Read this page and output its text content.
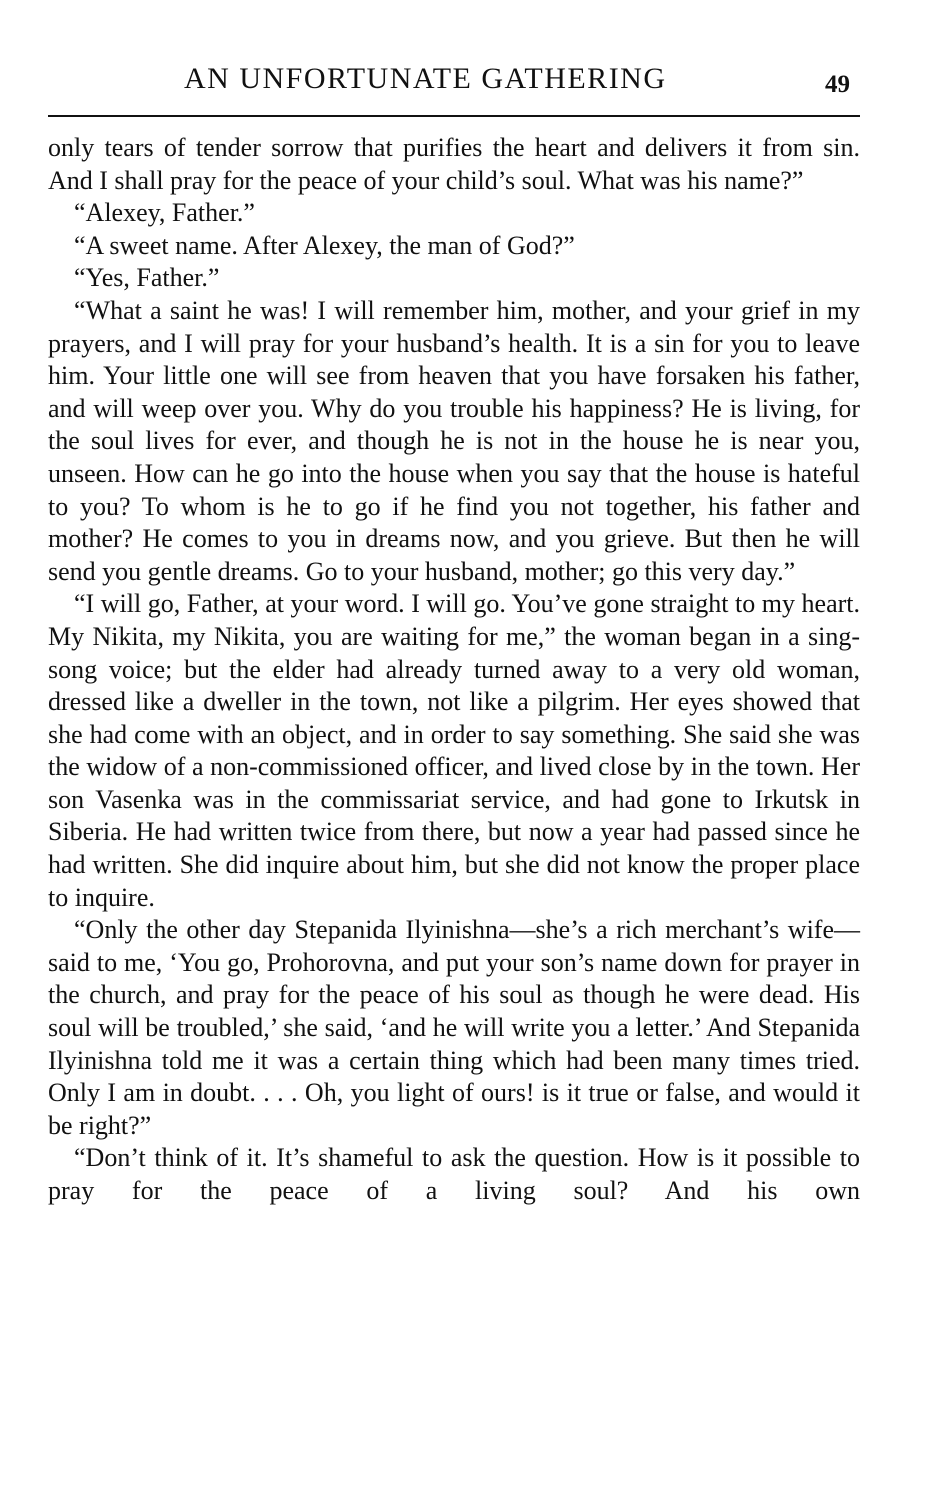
AN UNFORTUNATE GATHERING	49

only tears of tender sorrow that purifies the heart and delivers it from sin. And I shall pray for the peace of your child’s soul. What was his name?”

“Alexey, Father.”

“A sweet name. After Alexey, the man of God?”

“Yes, Father.”

“What a saint he was! I will remember him, mother, and your grief in my prayers, and I will pray for your husband’s health. It is a sin for you to leave him. Your little one will see from heaven that you have forsaken his father, and will weep over you. Why do you trouble his happiness? He is living, for the soul lives for ever, and though he is not in the house he is near you, unseen. How can he go into the house when you say that the house is hateful to you? To whom is he to go if he find you not together, his father and mother? He comes to you in dreams now, and you grieve. But then he will send you gentle dreams. Go to your husband, mother; go this very day.”

“I will go, Father, at your word. I will go. You’ve gone straight to my heart. My Nikita, my Nikita, you are waiting for me,” the woman began in a sing-song voice; but the elder had already turned away to a very old woman, dressed like a dweller in the town, not like a pilgrim. Her eyes showed that she had come with an object, and in order to say something. She said she was the widow of a non-commissioned officer, and lived close by in the town. Her son Vasenka was in the commissariat service, and had gone to Irkutsk in Siberia. He had written twice from there, but now a year had passed since he had written. She did inquire about him, but she did not know the proper place to inquire.

“Only the other day Stepanida Ilyinishna—she’s a rich merchant’s wife—said to me, ‘You go, Prohorovna, and put your son’s name down for prayer in the church, and pray for the peace of his soul as though he were dead. His soul will be troubled,’ she said, ‘and he will write you a letter.’ And Stepanida Ilyinishna told me it was a certain thing which had been many times tried. Only I am in doubt. . . . Oh, you light of ours! is it true or false, and would it be right?”

“Don’t think of it. It’s shameful to ask the question. How is it possible to pray for the peace of a living soul? And his own
